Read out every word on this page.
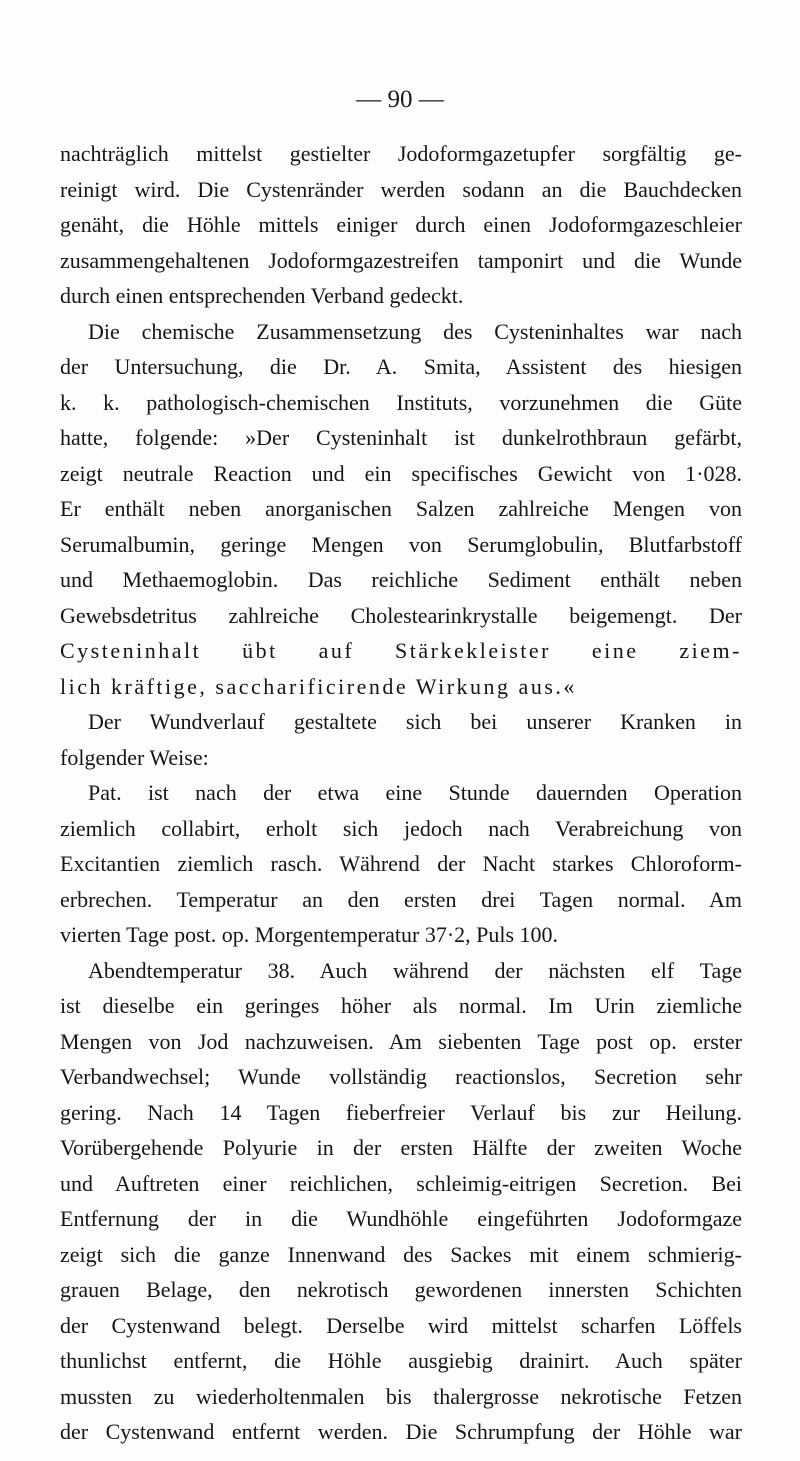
— 90 —
nachträglich mittelst gestielter Jodoformgazetupfer sorgfältig ge-
reinigt wird. Die Cystenränder werden sodann an die Bauchdecken
genäht, die Höhle mittels einiger durch einen Jodoformgazeschleier
zusammengehaltenen Jodoformgazestreifen tamponirt und die Wunde
durch einen entsprechenden Verband gedeckt.
Die chemische Zusammensetzung des Cysteninhaltes war nach
der Untersuchung, die Dr. A. Smita, Assistent des hiesigen
k. k. pathologisch-chemischen Instituts, vorzunehmen die Güte
hatte, folgende: »Der Cysteninhalt ist dunkelrothbraun gefärbt,
zeigt neutrale Reaction und ein specifisches Gewicht von 1·028.
Er enthält neben anorganischen Salzen zahlreiche Mengen von
Serumalbumin, geringe Mengen von Serumglobulin, Blutfarbstoff
und Methaemoglobin. Das reichliche Sediment enthält neben
Gewebsdetritus zahlreiche Cholestearinkrystalle beigemengt. Der
Cysteninhalt übt auf Stärkekleister eine ziem-
lich kräftige, saccharificirende Wirkung aus.«
Der Wundverlauf gestaltete sich bei unserer Kranken in
folgender Weise:
Pat. ist nach der etwa eine Stunde dauernden Operation
ziemlich collabirt, erholt sich jedoch nach Verabreichung von
Excitantien ziemlich rasch. Während der Nacht starkes Chloroform-
erbrechen. Temperatur an den ersten drei Tagen normal. Am
vierten Tage post. op. Morgentemperatur 37·2, Puls 100.
Abendtemperatur 38. Auch während der nächsten elf Tage
ist dieselbe ein geringes höher als normal. Im Urin ziemliche
Mengen von Jod nachzuweisen. Am siebenten Tage post op. erster
Verbandwechsel; Wunde vollständig reactionslos, Secretion sehr
gering. Nach 14 Tagen fieberfreier Verlauf bis zur Heilung.
Vorübergehende Polyurie in der ersten Hälfte der zweiten Woche
und Auftreten einer reichlichen, schleimig-eitrigen Secretion. Bei
Entfernung der in die Wundhöhle eingeführten Jodoformgaze
zeigt sich die ganze Innenwand des Sackes mit einem schmierig-
grauen Belage, den nekrotisch gewordenen innersten Schichten
der Cystenwand belegt. Derselbe wird mittelst scharfen Löffels
thunlichst entfernt, die Höhle ausgiebig drainirt. Auch später
mussten zu wiederholtenmalen bis thalergrosse nekrotische Fetzen
der Cystenwand entfernt werden. Die Schrumpfung der Höhle war
